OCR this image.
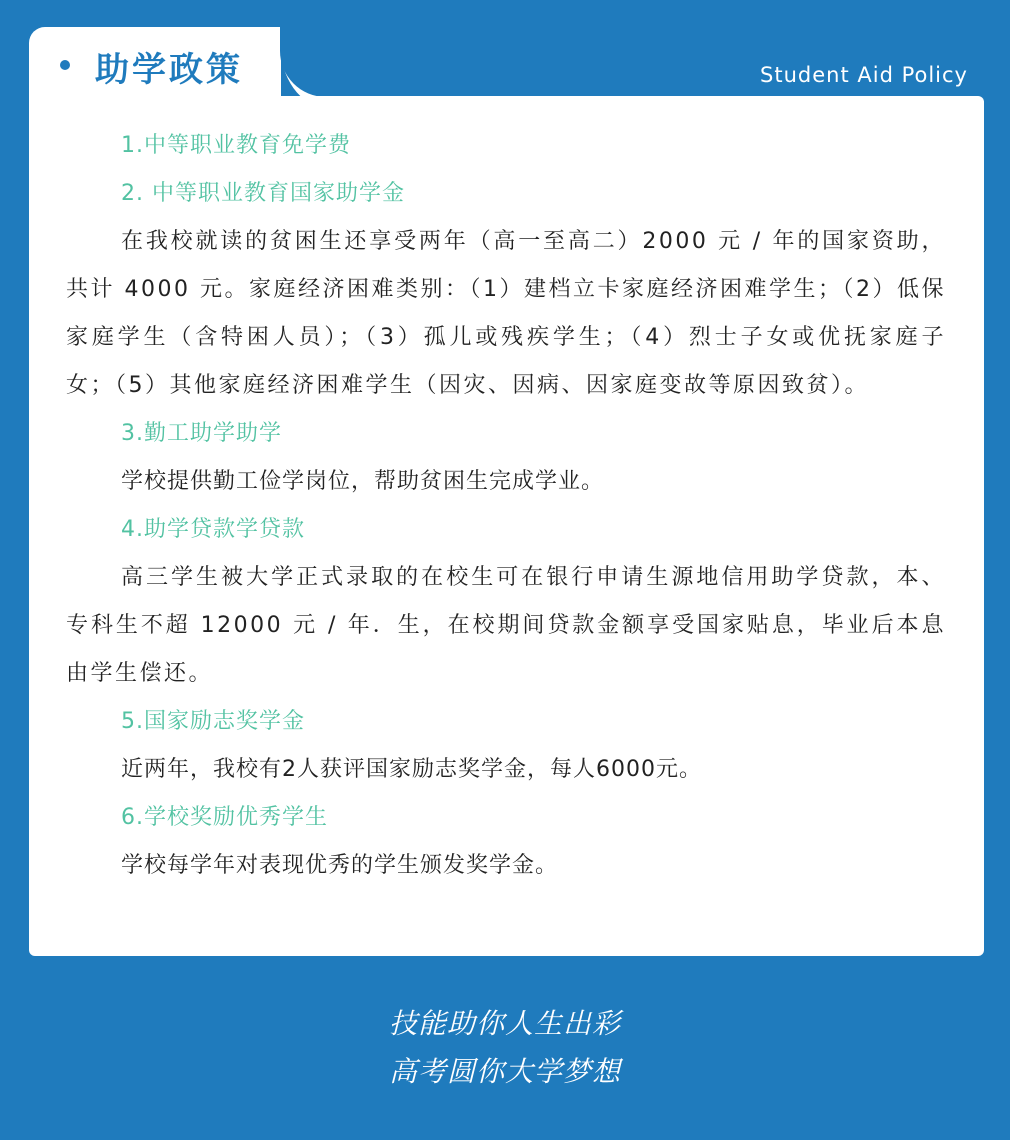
助学政策	Student Aid Policy
1.中等职业教育免学费
2. 中等职业教育国家助学金
在我校就读的贫困生还享受两年（高一至高二）2000 元 / 年的国家资助，共计 4000 元。家庭经济困难类别：（1）建档立卡家庭经济困难学生；（2）低保家庭学生（含特困人员）；（3）孤儿或残疾学生；（4）烈士子女或优抚家庭子女；（5）其他家庭经济困难学生（因灾、因病、因家庭变故等原因致贫）。
3.勤工助学助学
学校提供勤工俭学岗位，帮助贫困生完成学业。
4.助学贷款学贷款
高三学生被大学正式录取的在校生可在银行申请生源地信用助学贷款，本、专科生不超 12000 元 / 年．生，在校期间贷款金额享受国家贴息，毕业后本息由学生偿还。
5.国家励志奖学金
近两年，我校有2人获评国家励志奖学金，每人6000元。
6.学校奖励优秀学生
学校每学年对表现优秀的学生颁发奖学金。
技能助你人生出彩
高考圆你大学梦想
